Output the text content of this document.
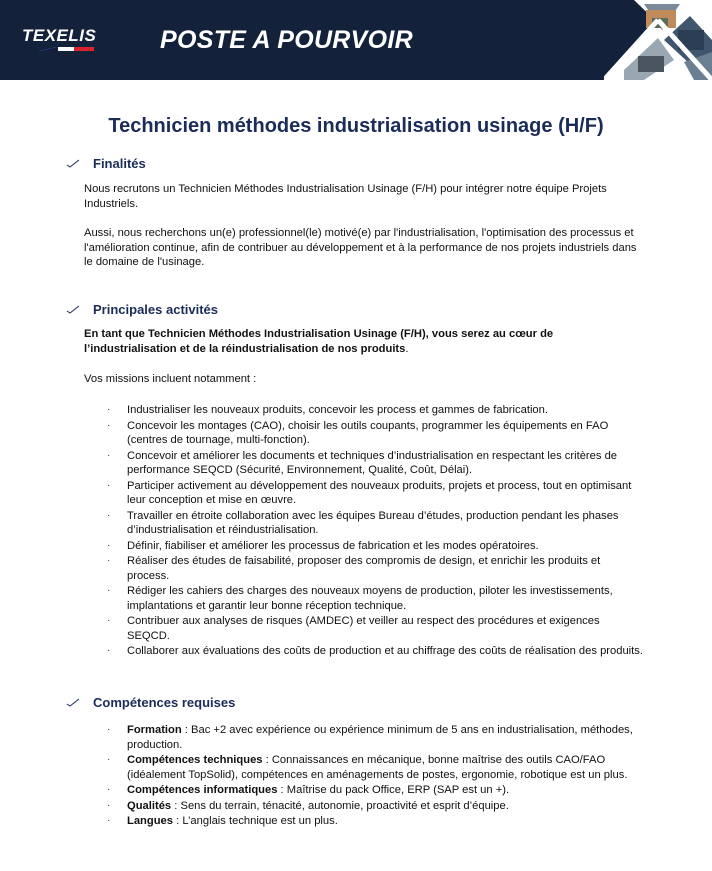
TEXELIS	POSTE A POURVOIR
Technicien méthodes industrialisation usinage (H/F)
Finalités

Nous recrutons un Technicien Méthodes Industrialisation Usinage (F/H) pour intégrer notre équipe Projets Industriels.

Aussi, nous recherchons un(e) professionnel(le) motivé(e) par l'industrialisation, l'optimisation des processus et l'amélioration continue, afin de contribuer au développement et à la performance de nos projets industriels dans le domaine de l'usinage.

Principales activités

En tant que Technicien Méthodes Industrialisation Usinage (F/H), vous serez au cœur de l’industrialisation et de la réindustrialisation de nos produits.

Vos missions incluent notamment :

· Industrialiser les nouveaux produits, concevoir les process et gammes de fabrication.
· Concevoir les montages (CAO), choisir les outils coupants, programmer les équipements en FAO (centres de tournage, multi-fonction).
· Concevoir et améliorer les documents et techniques d’industrialisation en respectant les critères de performance SEQCD (Sécurité, Environnement, Qualité, Coût, Délai).
· Participer activement au développement des nouveaux produits, projets et process, tout en optimisant leur conception et mise en œuvre.
· Travailler en étroite collaboration avec les équipes Bureau d’études, production pendant les phases d’industrialisation et réindustrialisation.
· Définir, fiabiliser et améliorer les processus de fabrication et les modes opératoires.
· Réaliser des études de faisabilité, proposer des compromis de design, et enrichir les produits et process.
· Rédiger les cahiers des charges des nouveaux moyens de production, piloter les investissements, implantations et garantir leur bonne réception technique.
· Contribuer aux analyses de risques (AMDEC) et veiller au respect des procédures et exigences SEQCD.
· Collaborer aux évaluations des coûts de production et au chiffrage des coûts de réalisation des produits.
Compétences requises
· Formation : Bac +2 avec expérience ou expérience minimum de 5 ans en industrialisation, méthodes, production.
· Compétences techniques : Connaissances en mécanique, bonne maîtrise des outils CAO/FAO (idéalement TopSolid), compétences en aménagements de postes, ergonomie, robotique est un plus.
· Compétences informatiques : Maîtrise du pack Office, ERP (SAP est un +).
· Qualités : Sens du terrain, ténacité, autonomie, proactivité et esprit d’équipe.
· Langues : L’anglais technique est un plus.
